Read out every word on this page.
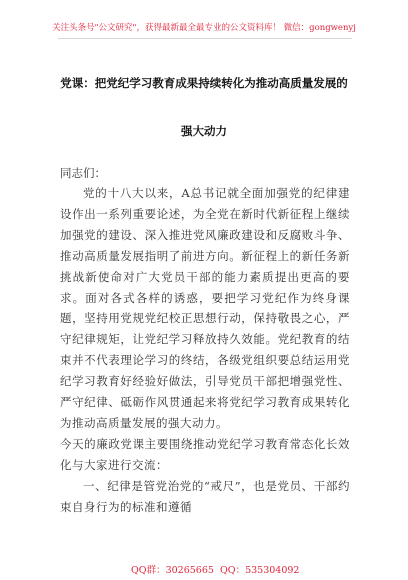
关注头条号"公文研究"，获得最新最全最专业的公文资料库！ 微信：gongwenyj
党课：把党纪学习教育成果持续转化为推动高质量发展的
强大动力
同志们：

党的十八大以来，A总书记就全面加强党的纪律建设作出一系列重要论述，为全党在新时代新征程上继续加强党的建设、深入推进党风廉政建设和反腐败斗争、推动高质量发展指明了前进方向。新征程上的新任务新挑战新使命对广大党员干部的能力素质提出更高的要求。面对各式各样的诱惑，要把学习党纪作为终身课题，坚持用党规党纪校正思想行动，保持敬畏之心，严守纪律规矩，让党纪学习释放持久效能。党纪教育的结束并不代表理论学习的终结，各级党组织要总结运用党纪学习教育好经验好做法，引导党员干部把增强党性、严守纪律、砥砺作风贯通起来将党纪学习教育成果转化为推动高质量发展的强大动力。

今天的廉政党课主要围绕推动党纪学习教育常态化长效化与大家进行交流：

一、纪律是管党治党的“戒尺”，也是党员、干部约束自身行为的标准和遵循

QQ群：30265665 QQ：535304092
